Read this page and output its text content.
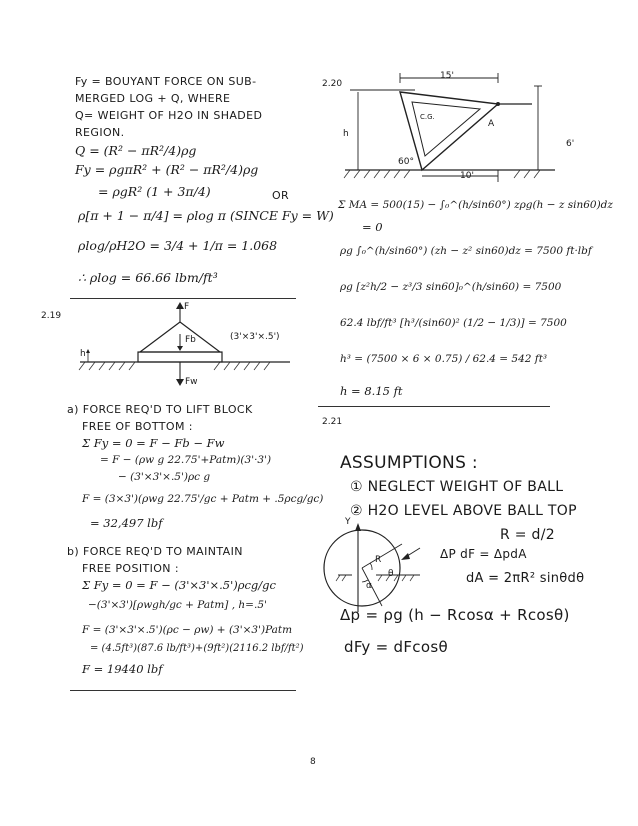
Fy = BOUYANT FORCE ON SUB-
MERGED LOG + Q, WHERE
Q= WEIGHT OF H2O IN SHADED
REGION.
Q = (R² − πR²/4)ρg
Fy = ρgπR² + (R² − πR²/4)ρg
= ρgR² (1 + 3π/4)	OR
ρ[π + 1 − π/4] = ρlog π (SINCE Fy = W)
ρlog/ρH2O = 3/4 + 1/π = 1.068
∴ ρlog = 66.66 lbm/ft³
2.19
F
Fb
Fw
(3'×3'×.5')
h
a) FORCE REQ'D TO LIFT BLOCK
FREE OF BOTTOM :
Σ Fy = 0 = F − Fb − Fw
= F − (ρw g 22.75'+Patm)(3'·3')
− (3'×3'×.5')ρc g
F = (3×3')(ρwg 22.75'/gc + Patm + .5ρcg/gc)
= 32,497 lbf
b) FORCE REQ'D TO MAINTAIN
FREE POSITION :
Σ Fy = 0 = F − (3'×3'×.5')ρcg/gc
−(3'×3')[ρwgh/gc + Patm] , h=.5'
F = (3'×3'×.5')(ρc − ρw) + (3'×3')Patm
= (4.5ft³)(87.6 lb/ft³)+(9ft²)(2116.2 lbf/ft²)
F = 19440 lbf
2.20
15'
10'
6'
h
C.G.
A
60°
Σ MA = 500(15) − ∫₀^(h/sin60°) zρg(h − z sin60)dz
= 0
ρg ∫₀^(h/sin60°) (zh − z² sin60)dz = 7500 ft·lbf
ρg [z²h/2 − z³/3 sin60]₀^(h/sin60) = 7500
62.4 lbf/ft³ [h³/(sin60)² (1/2 − 1/3)] = 7500
h³ = (7500 × 6 × 0.75) / 62.4 = 542 ft³
h = 8.15 ft
2.21
ASSUMPTIONS :
① NEGLECT WEIGHT OF BALL
② H2O LEVEL ABOVE BALL TOP
R = d/2
Y
R
α
θ
ΔP dF = ΔpdA
dA = 2πR² sinθdθ
Δp = ρg (h − Rcosα + Rcosθ)
dFy = dFcosθ
8
